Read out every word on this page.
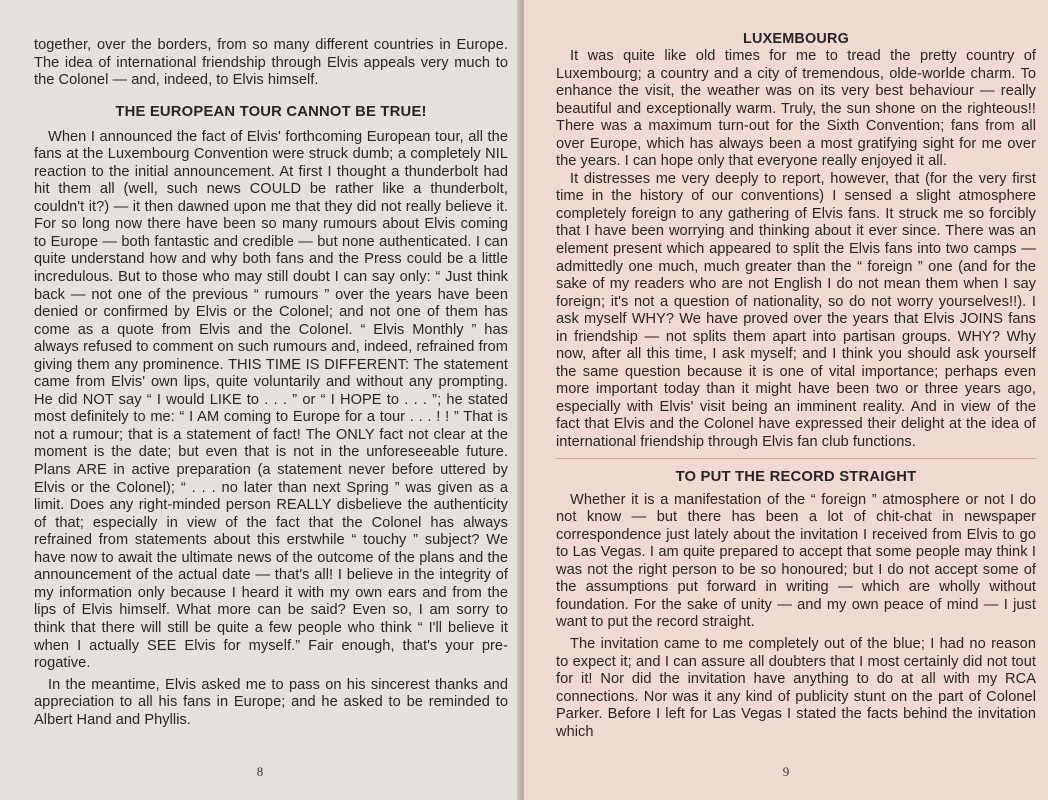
together, over the borders, from so many different countries in Europe. The idea of international friendship through Elvis appeals very much to the Colonel — and, indeed, to Elvis himself.

THE EUROPEAN TOUR CANNOT BE TRUE!

When I announced the fact of Elvis' forthcoming European tour, all the fans at the Luxembourg Convention were struck dumb; a completely NIL reaction to the initial announcement. At first I thought a thunderbolt had hit them all (well, such news COULD be rather like a thunderbolt, couldn't it?) — it then dawned upon me that they did not really believe it. For so long now there have been so many rumours about Elvis coming to Europe — both fantastic and credible — but none authenticated. I can quite understand how and why both fans and the Press could be a little incredulous. But to those who may still doubt I can say only: “ Just think back — not one of the previous “ rumours ” over the years have been denied or confirmed by Elvis or the Colonel; and not one of them has come as a quote from Elvis and the Colonel. “ Elvis Monthly ” has always refused to comment on such rumours and, indeed, refrained from giving them any prominence. THIS TIME IS DIFFERENT: The statement came from Elvis' own lips, quite voluntarily and without any prompting. He did NOT say “ I would LIKE to . . . ” or “ I HOPE to . . . ”; he stated most definitely to me: “ I AM coming to Europe for a tour . . . ! ! ” That is not a rumour; that is a statement of fact! The ONLY fact not clear at the moment is the date; but even that is not in the unforeseeable future. Plans ARE in active preparation (a statement never before uttered by Elvis or the Colonel); “ . . . no later than next Spring ” was given as a limit. Does any right-minded person REALLY disbelieve the authenticity of that; especially in view of the fact that the Colonel has always refrained from statements about this erstwhile “ touchy ” subject? We have now to await the ultimate news of the outcome of the plans and the announcement of the actual date — that's all! I believe in the integrity of my information only because I heard it with my own ears and from the lips of Elvis himself. What more can be said? Even so, I am sorry to think that there will still be quite a few people who think “ I'll believe it when I actually SEE Elvis for myself.” Fair enough, that's your pre-rogative.

In the meantime, Elvis asked me to pass on his sincerest thanks and appreciation to all his fans in Europe; and he asked to be reminded to Albert Hand and Phyllis.

8
LUXEMBOURG

It was quite like old times for me to tread the pretty country of Luxembourg; a country and a city of tremendous, olde-worlde charm. To enhance the visit, the weather was on its very best behaviour — really beautiful and exceptionally warm. Truly, the sun shone on the righteous!! There was a maximum turn-out for the Sixth Convention; fans from all over Europe, which has always been a most gratifying sight for me over the years. I can hope only that everyone really enjoyed it all.

It distresses me very deeply to report, however, that (for the very first time in the history of our conventions) I sensed a slight atmosphere completely foreign to any gathering of Elvis fans. It struck me so forcibly that I have been worrying and thinking about it ever since. There was an element present which appeared to split the Elvis fans into two camps — admittedly one much, much greater than the “ foreign ” one (and for the sake of my readers who are not English I do not mean them when I say foreign; it's not a question of nationality, so do not worry yourselves!!). I ask myself WHY? We have proved over the years that Elvis JOINS fans in friendship — not splits them apart into partisan groups. WHY? Why now, after all this time, I ask myself; and I think you should ask yourself the same question because it is one of vital importance; perhaps even more important today than it might have been two or three years ago, especially with Elvis' visit being an imminent reality. And in view of the fact that Elvis and the Colonel have expressed their delight at the idea of international friendship through Elvis fan club functions.

TO PUT THE RECORD STRAIGHT

Whether it is a manifestation of the “ foreign ” atmosphere or not I do not know — but there has been a lot of chit-chat in newspaper correspondence just lately about the invitation I received from Elvis to go to Las Vegas. I am quite prepared to accept that some people may think I was not the right person to be so honoured; but I do not accept some of the assumptions put forward in writing — which are wholly without foundation. For the sake of unity — and my own peace of mind — I just want to put the record straight.

The invitation came to me completely out of the blue; I had no reason to expect it; and I can assure all doubters that I most certainly did not tout for it! Nor did the invitation have anything to do at all with my RCA connections. Nor was it any kind of publicity stunt on the part of Colonel Parker. Before I left for Las Vegas I stated the facts behind the invitation which

9
